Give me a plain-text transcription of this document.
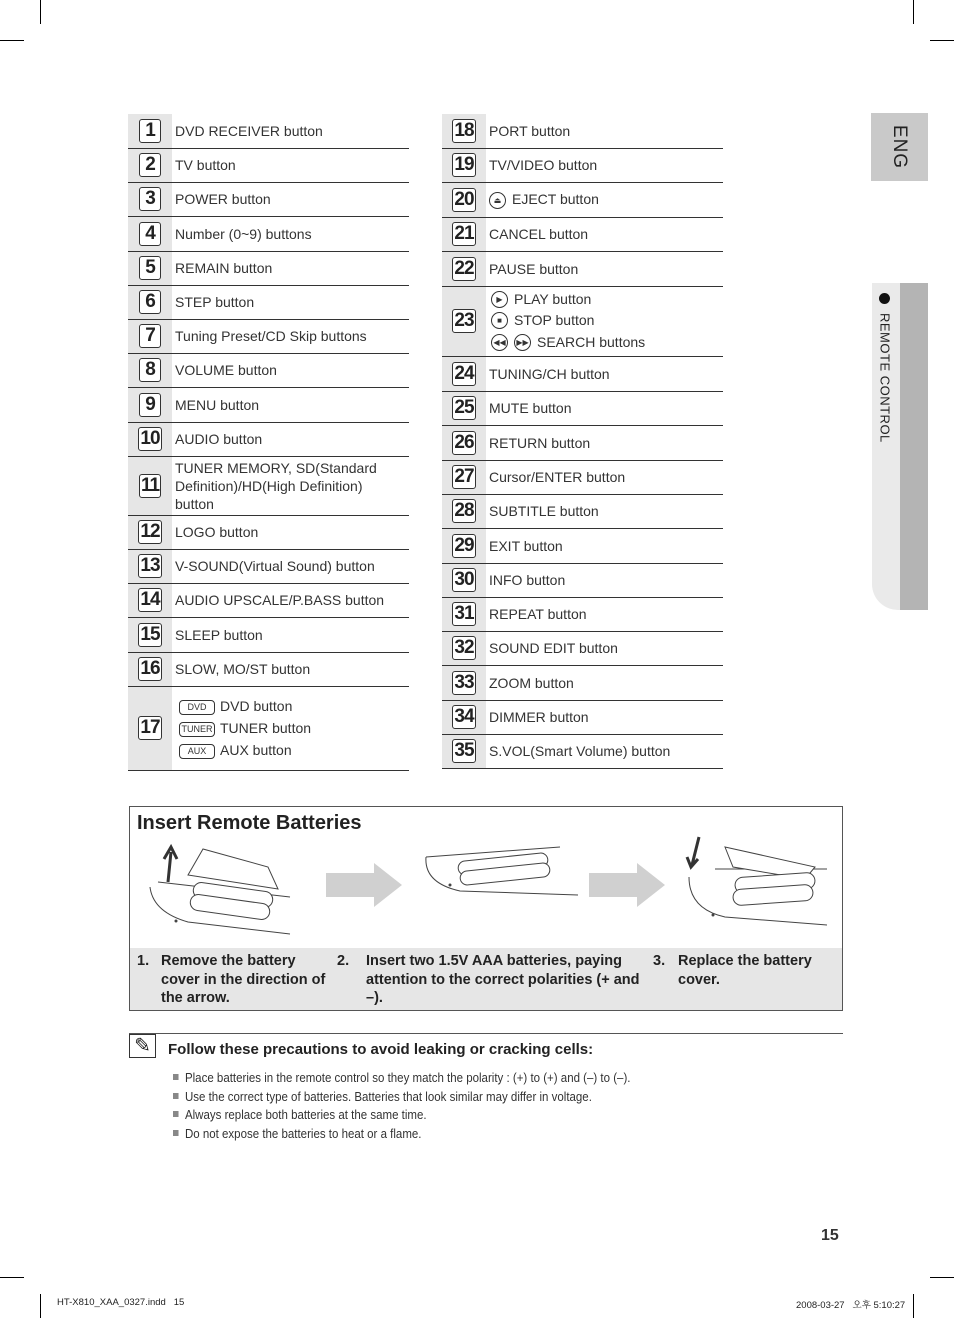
ENG
REMOTE CONTROL
1	DVD RECEIVER button
2	TV button
3	POWER button
4	Number (0~9) buttons
5	REMAIN button
6	STEP button
7	Tuning Preset/CD Skip buttons
8	VOLUME button
9	MENU button
10	AUDIO button
11	TUNER MEMORY, SD(Standard Definition)/HD(High Definition) button
12	LOGO button
13	V-SOUND(Virtual Sound) button
14	AUDIO UPSCALE/P.BASS button
15	SLEEP button
16	SLOW, MO/ST button
17	DVD DVD button
TUNER TUNER button
AUX AUX button
18	PORT button
19	TV/VIDEO button
20	⏏ EJECT button
21	CANCEL button
22	PAUSE button
23	▶ PLAY button
■ STOP button
◀◀ ▶▶ SEARCH buttons

24	TUNING/CH button
25	MUTE button
26	RETURN button
27	Cursor/ENTER button
28	SUBTITLE button
29	EXIT button
30	INFO button
31	REPEAT button
32	SOUND EDIT button
33	ZOOM button
34	DIMMER button
35	S.VOL(Smart Volume) button
Insert Remote Batteries
1. Remove the battery cover in the direction of the arrow.
2. Insert two 1.5V AAA batteries, paying attention to the correct polarities (+ and –).
3. Replace the battery cover.
✎	Follow these precautions to avoid leaking or cracking cells:
Place batteries in the remote control so they match the polarity : (+) to (+) and (–) to (–).
Use the correct type of batteries. Batteries that look similar may differ in voltage.
Always replace both batteries at the same time.
Do not expose the batteries to heat or a flame.
15
HT-X810_XAA_0327.indd   15	2008-03-27   오후 5:10:27
